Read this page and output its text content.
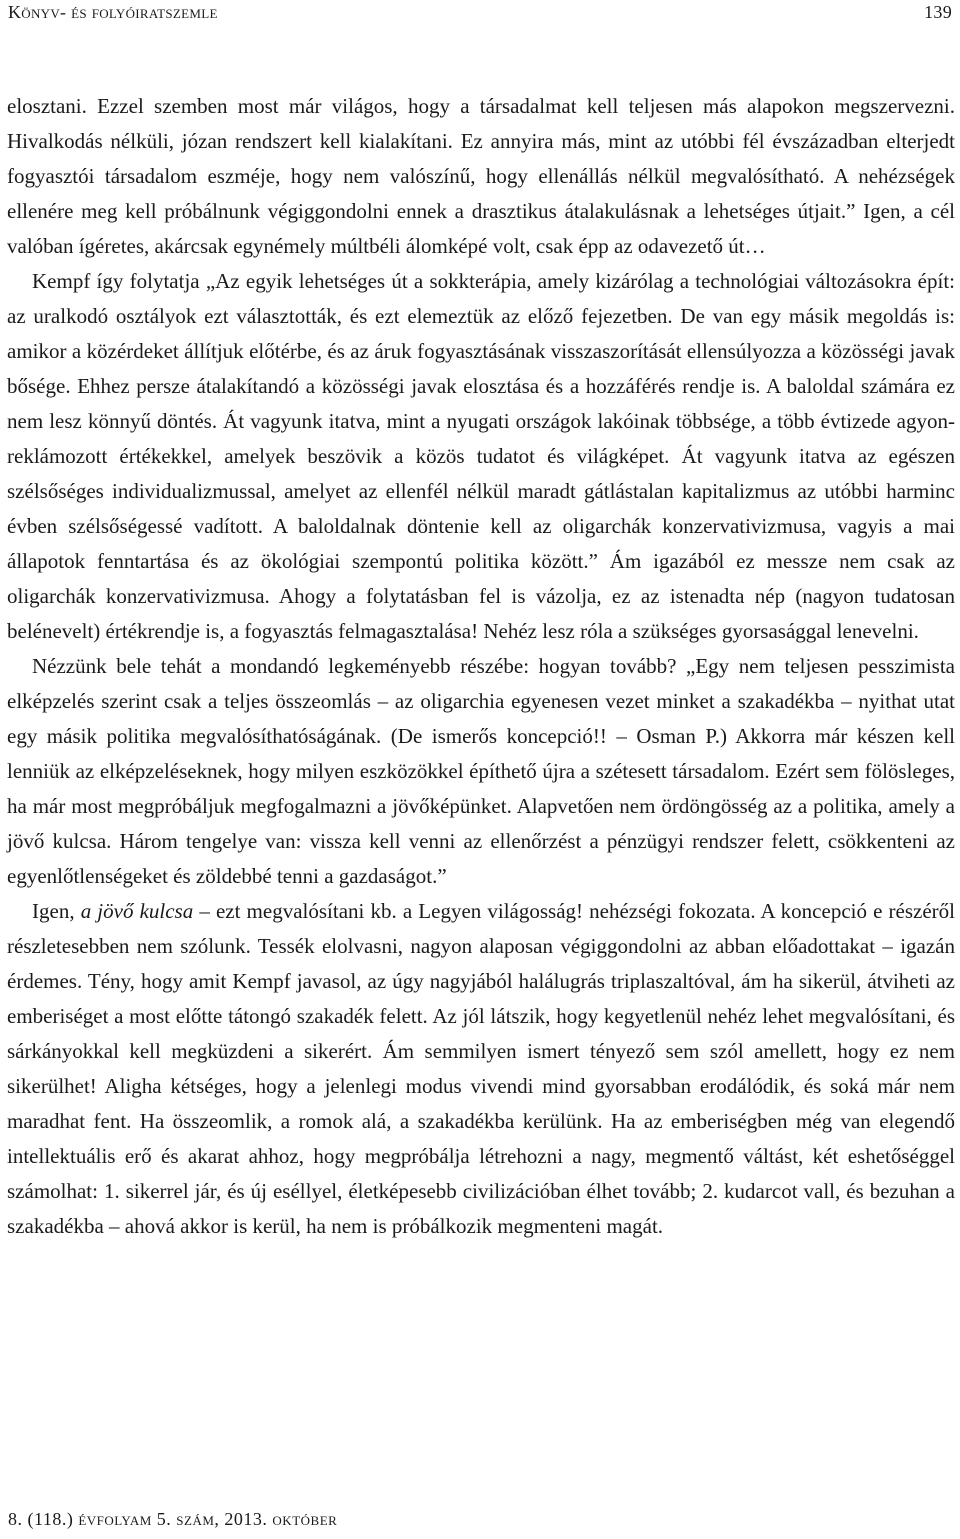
Könyv- és folyóiratszemle	139

elosztani. Ezzel szemben most már világos, hogy a társadalmat kell teljesen más alapokon megszervezni. Hivalkodás nélküli, józan rendszert kell kialakítani. Ez annyira más, mint az utóbbi fél évszázadban elterjedt fogyasztói társadalom eszméje, hogy nem valószínű, hogy ellenállás nélkül megvalósítható. A nehézségek ellenére meg kell próbálnunk végiggondolni ennek a drasztikus átalakulásnak a lehetséges útjait.” Igen, a cél valóban ígéretes, akárcsak egynémely múltbéli álomképé volt, csak épp az odavezető út…

Kempf így folytatja „Az egyik lehetséges út a sokkterápia, amely kizárólag a technológiai változásokra épít: az uralkodó osztályok ezt választották, és ezt elemeztük az előző fejezetben. De van egy másik megoldás is: amikor a közérdeket állítjuk előtérbe, és az áruk fogyasztásának visszaszorítását ellensúlyozza a közösségi javak bősége. Ehhez persze átalakítandó a közösségi javak elosztása és a hozzáférés rendje is. A baloldal számára ez nem lesz könnyű döntés. Át vagyunk itatva, mint a nyugati országok lakóinak többsége, a több évtizede agyonreklámozott értékekkel, amelyek beszövik a közös tudatot és világképet. Át vagyunk itatva az egészen szélsőséges individualizmussal, amelyet az ellenfél nélkül maradt gátlástalan kapitalizmus az utóbbi harminc évben szélsőségessé vadított. A baloldalnak döntenie kell az oligarchák konzervativizmusa, vagyis a mai állapotok fenntartása és az ökológiai szempontú politika között.” Ám igazából ez messze nem csak az oligarchák konzervativizmusa. Ahogy a folytatásban fel is vázolja, ez az istenadta nép (nagyon tudatosan belénevelt) értékrendje is, a fogyasztás felmagasztalása! Nehéz lesz róla a szükséges gyorsasággal lenevelni.

Nézzünk bele tehát a mondandó legkeményebb részébe: hogyan tovább? „Egy nem teljesen pesszimista elképzelés szerint csak a teljes összeomlás – az oligarchia egyenesen vezet minket a szakadékba – nyithat utat egy másik politika megvalósíthatóságának. (De ismerős koncepció!! – Osman P.) Akkorra már készen kell lenniük az elképzeléseknek, hogy milyen eszközökkel építhető újra a szétesett társadalom. Ezért sem fölösleges, ha már most megpróbáljuk megfogalmazni a jövőképünket. Alapvetően nem ördöngösség az a politika, amely a jövő kulcsa. Három tengelye van: vissza kell venni az ellenőrzést a pénzügyi rendszer felett, csökkenteni az egyenlőtlenségeket és zöldebbé tenni a gazdaságot.”

Igen, a jövő kulcsa – ezt megvalósítani kb. a Legyen világosság! nehézségi fokozata. A koncepció e részéről részletesebben nem szólunk. Tessék elolvasni, nagyon alaposan végiggondolni az abban előadottakat – igazán érdemes. Tény, hogy amit Kempf javasol, az úgy nagyjából halálugrás triplaszaltóval, ám ha sikerül, átviheti az emberiséget a most előtte tátongó szakadék felett. Az jól látszik, hogy kegyetlenül nehéz lehet megvalósítani, és sárkányokkal kell megküzdeni a sikerért. Ám semmilyen ismert tényező sem szól amellett, hogy ez nem sikerülhet! Aligha kétséges, hogy a jelenlegi modus vivendi mind gyorsabban erodálódik, és soká már nem maradhat fent. Ha összeomlik, a romok alá, a szakadékba kerülünk. Ha az emberiségben még van elegendő intellektuális erő és akarat ahhoz, hogy megpróbálja létrehozni a nagy, megmentő váltást, két eshetőséggel számolhat: 1. sikerrel jár, és új eséllyel, életképesebb civilizációban élhet tovább; 2. kudarcot vall, és bezuhan a szakadékba – ahová akkor is kerül, ha nem is próbálkozik megmenteni magát.

8. (118.) évfolyam 5. szám, 2013. október
